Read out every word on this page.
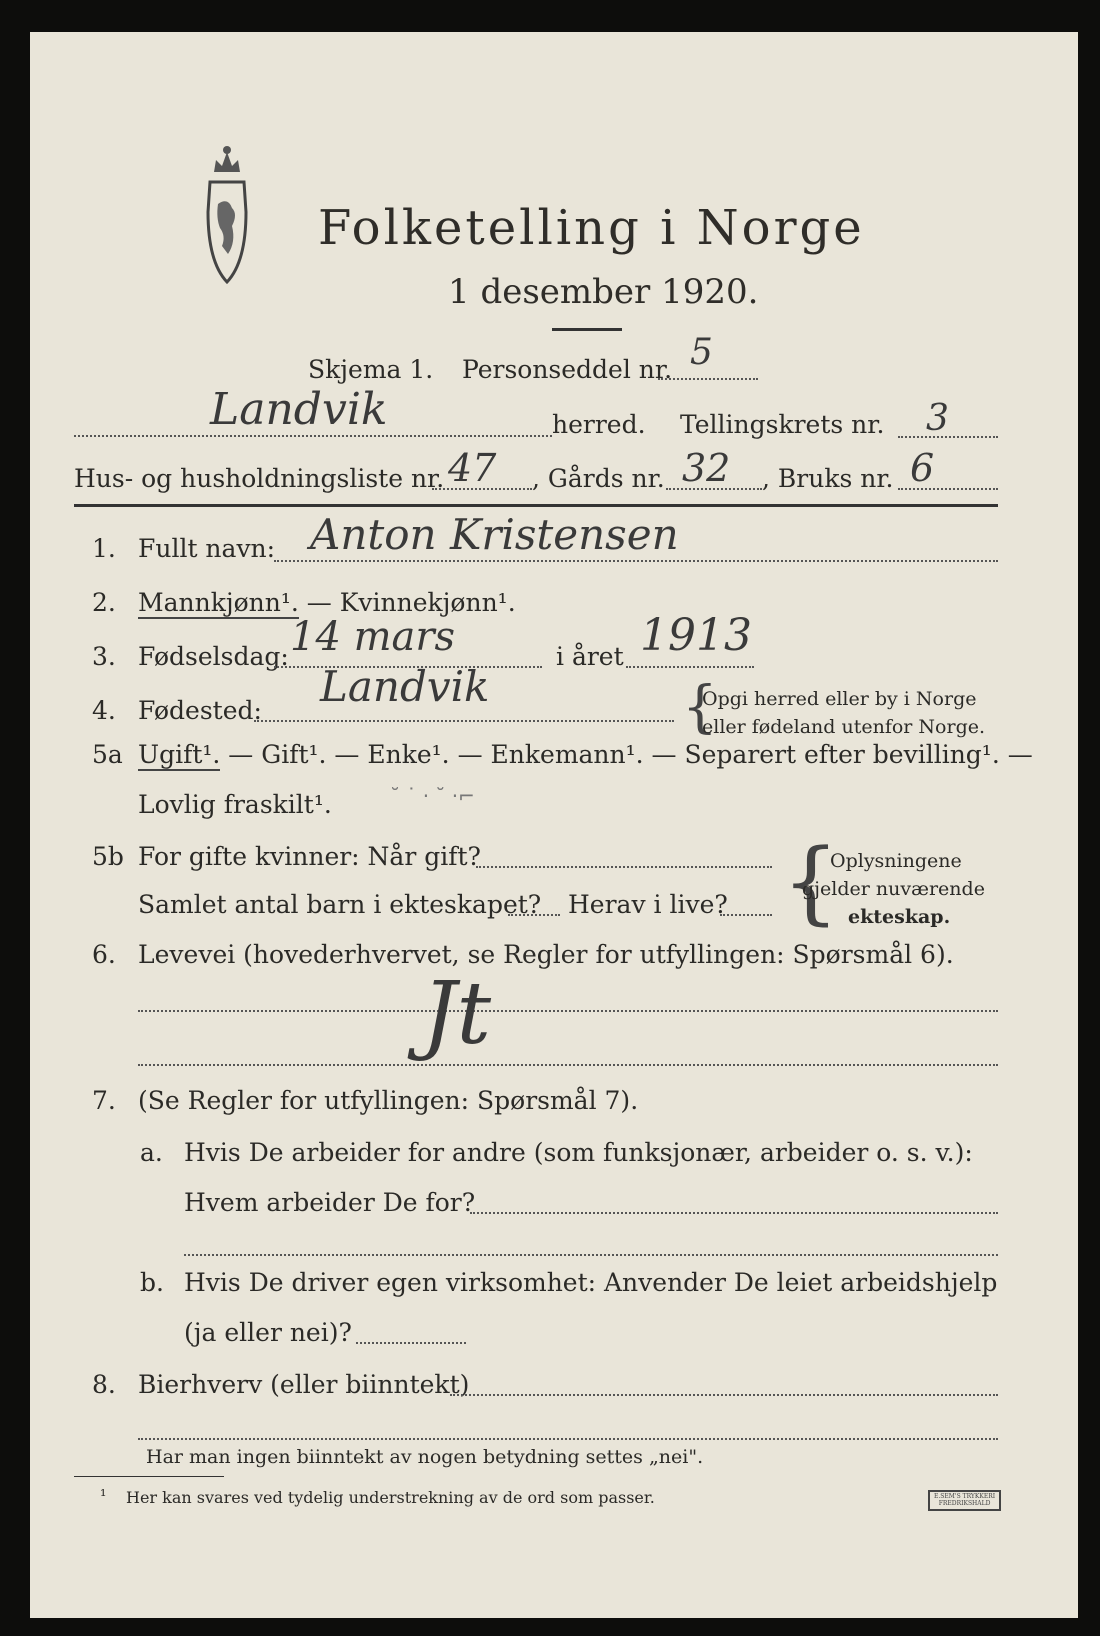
Folketelling i Norge
1 desember 1920.
Skjema 1. Personseddel nr. 5
Landvik	herred. Tellingskrets nr. 3
Hus- og husholdningsliste nr. 47 , Gårds nr. 32 , Bruks nr. 6
1. Fullt navn: Anton Kristensen
2. Mannkjønn¹. — Kvinnekjønn¹.
3. Fødselsdag: 14 mars	i året 1913
4. Fødested: Landvik	{
Opgi herred eller by i Norge
eller fødeland utenfor Norge.
5a Ugift¹. — Gift¹. — Enke¹. — Enkemann¹. — Separert efter bevilling¹. —
Lovlig fraskilt¹.	˘ ˙ · ˘ ·⌐
5b For gifte kvinner: Når gift?
Samlet antal barn i ekteskapet? Herav i live? {
Oplysningene
gjelder nuværende
ekteskap.
6. Levevei (hovederhvervet, se Regler for utfyllingen: Spørsmål 6).
Jt
7. (Se Regler for utfyllingen: Spørsmål 7).
a. Hvis De arbeider for andre (som funksjonær, arbeider o. s. v.):
Hvem arbeider De for?
b. Hvis De driver egen virksomhet: Anvender De leiet arbeidshjelp
(ja eller nei)?
8. Bierhverv (eller biinntekt)
Har man ingen biinntekt av nogen betydning settes „nei".
¹ Her kan svares ved tydelig understrekning av de ord som passer.	E.SEM'S TRYKKERI
FREDRIKSHALD
